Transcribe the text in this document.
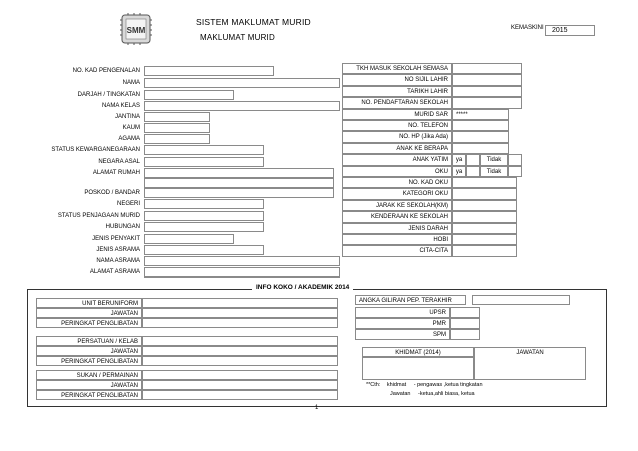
SMM
SISTEM MAKLUMAT MURID
MAKLUMAT MURID
KEMASKINI	2015
NO. KAD PENGENALAN
NAMA
DARJAH / TINGKATAN
NAMA KELAS
JANTINA
KAUM
AGAMA
STATUS KEWARGANEGARAAN
NEGARA ASAL
ALAMAT RUMAH
POSKOD / BANDAR
NEGERI
STATUS PENJAGAAN MURID
HUBUNGAN
JENIS PENYAKIT
JENIS ASRAMA
NAMA ASRAMA
ALAMAT ASRAMA
TKH MASUK SEKOLAH SEMASA
NO SIJIL LAHIR
TARIKH LAHIR
NO. PENDAFTARAN SEKOLAH
MURID SAR	*****
NO. TELEFON
NO. HP (Jika Ada)
ANAK KE BERAPA
ANAK YATIM	ya	Tidak
OKU	ya	Tidak
NO. KAD OKU
KATEGORI OKU
JARAK KE SEKOLAH(KM)
KENDERAAN KE SEKOLAH
JENIS DARAH
HOBI
CITA-CITA
INFO KOKO / AKADEMIK 2014
UNIT BERUNIFORM
JAWATAN
PERINGKAT PENGLIBATAN
PERSATUAN / KELAB
JAWATAN
PERINGKAT PENGLIBATAN
SUKAN / PERMAINAN
JAWATAN
PERINGKAT PENGLIBATAN
ANGKA GILIRAN PEP. TERAKHIR
UPSR
PMR
SPM
KHIDMAT (2014)	JAWATAN
**Cth: khidmat - pengawas ,ketua tingkatan
Jawatan -ketua,ahli biasa, ketua
1
